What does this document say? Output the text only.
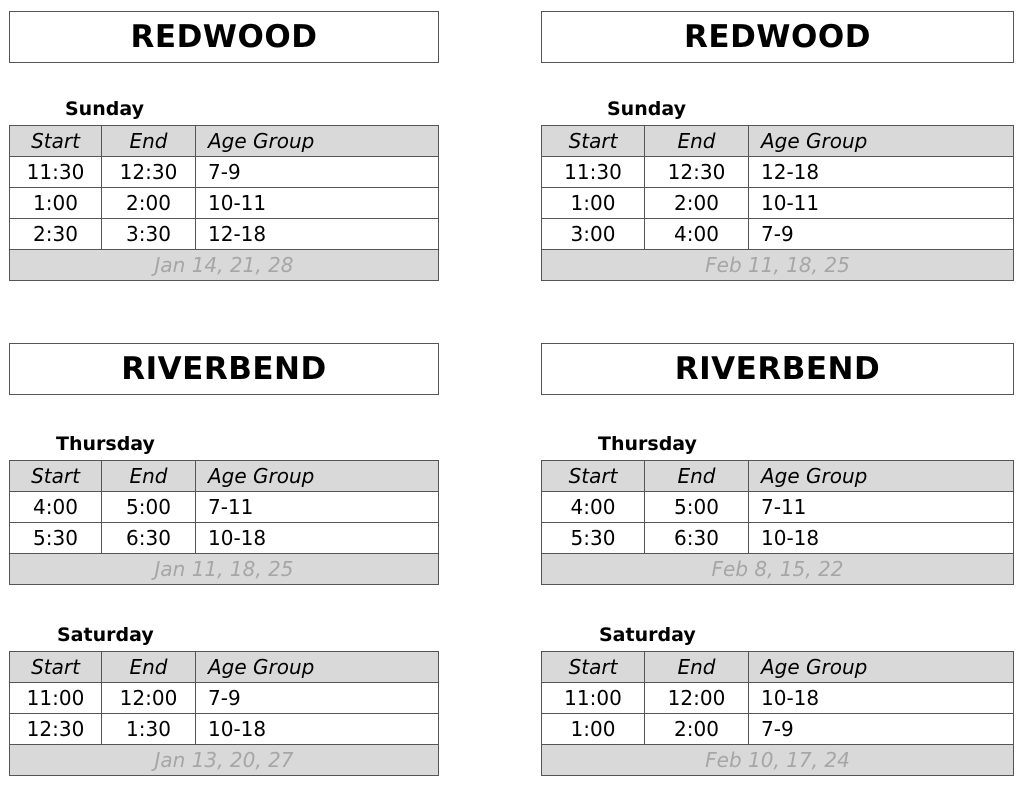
REDWOOD
Sunday
Start	End	Age Group
11:30	12:30	7-9
1:00	2:00	10-11
2:30	3:30	12-18
Jan 14, 21, 28		
RIVERBEND
Thursday
Start	End	Age Group
4:00	5:00	7-11
5:30	6:30	10-18
Jan 11, 18, 25		
Saturday
Start	End	Age Group
11:00	12:00	7-9
12:30	1:30	10-18
Jan 13, 20, 27		
REDWOOD
Sunday
Start	End	Age Group
11:30	12:30	12-18
1:00	2:00	10-11
3:00	4:00	7-9
Feb 11, 18, 25		
RIVERBEND
Thursday
Start	End	Age Group
4:00	5:00	7-11
5:30	6:30	10-18
Feb 8, 15, 22		
Saturday
Start	End	Age Group
11:00	12:00	10-18
1:00	2:00	7-9
Feb 10, 17, 24		
